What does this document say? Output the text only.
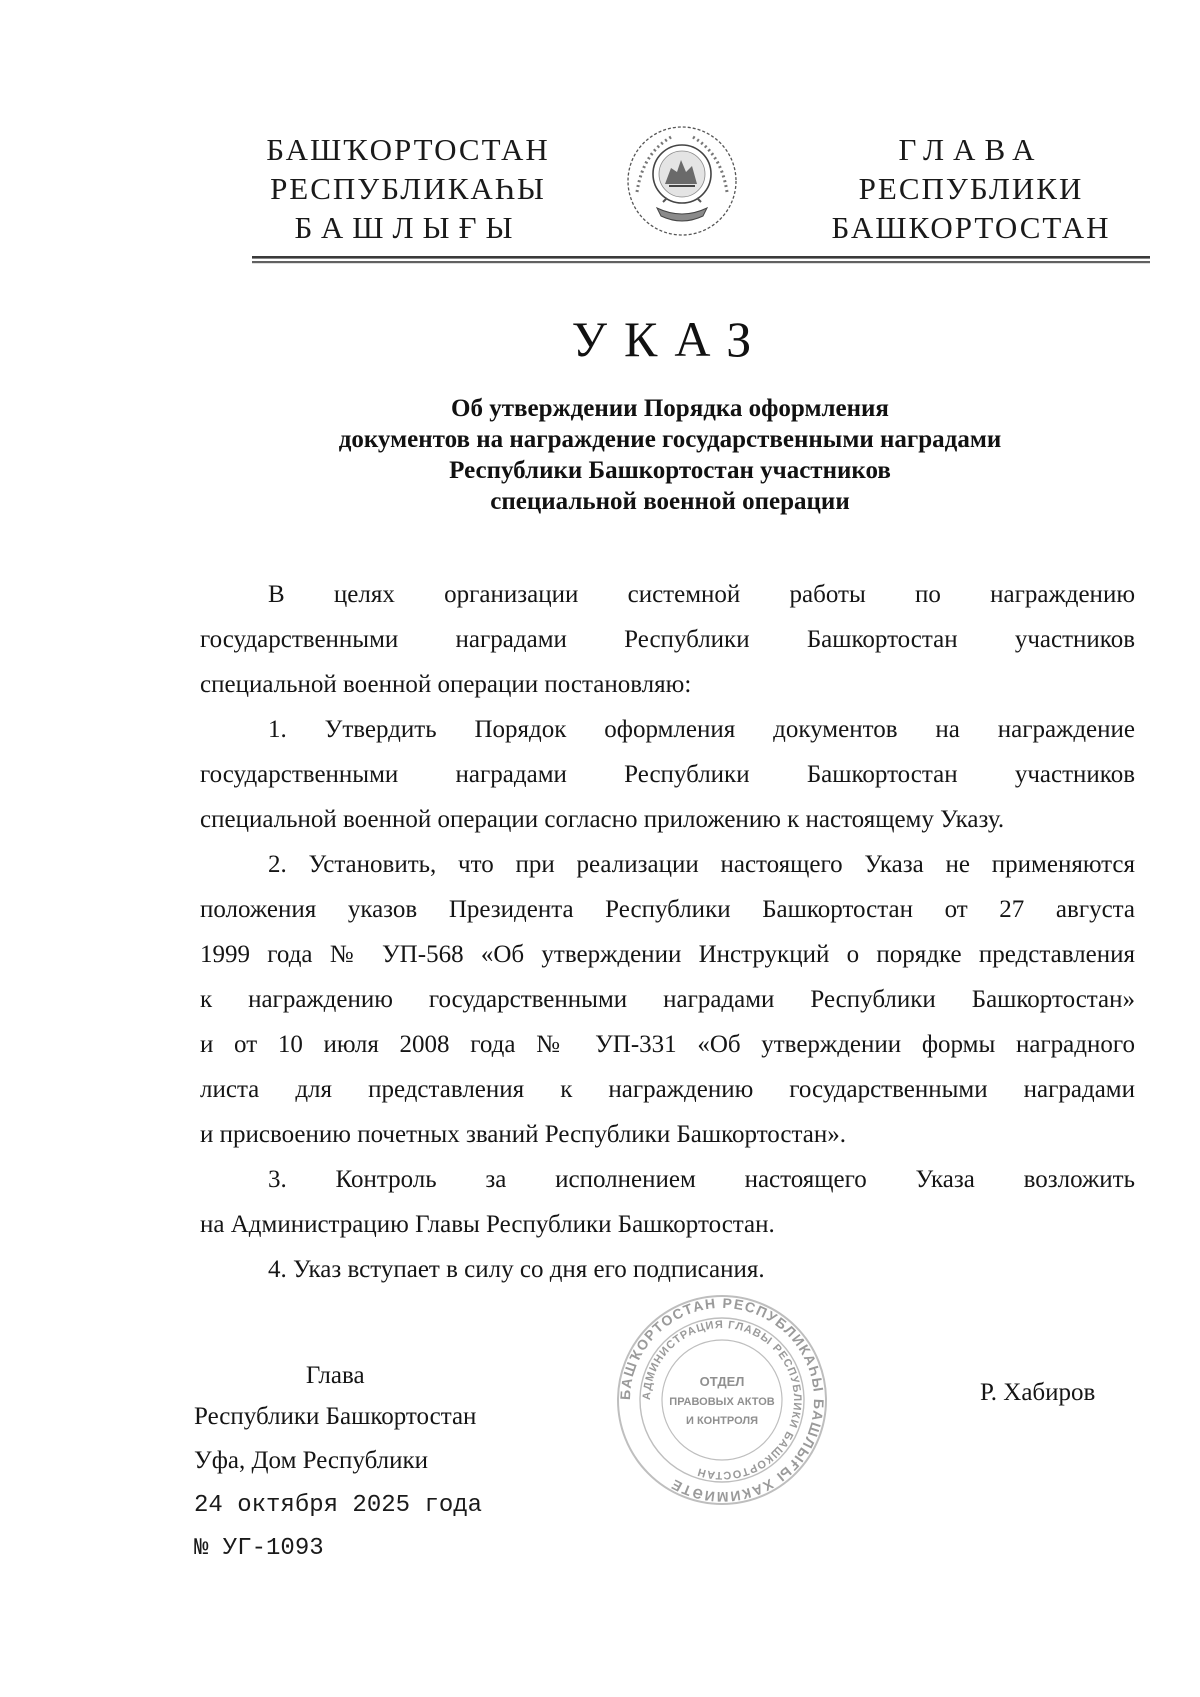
БАШҠОРТОСТАН
РЕСПУБЛИКАҺЫ
БАШЛЫҒЫ
ГЛАВА
РЕСПУБЛИКИ
БАШКОРТОСТАН
УКАЗ
Об утверждении Порядка оформления
документов на награждение государственными наградами
Республики Башкортостан участников
специальной военной операции
В целях организации системной работы по награждению
государственными наградами Республики Башкортостан участников
специальной военной операции постановляю:
1. Утвердить Порядок оформления документов на награждение
государственными наградами Республики Башкортостан участников
специальной военной операции согласно приложению к настоящему Указу.
2. Установить, что при реализации настоящего Указа не применяются
положения указов Президента Республики Башкортостан от 27 августа
1999 года № УП-568 «Об утверждении Инструкций о порядке представления
к награждению государственными наградами Республики Башкортостан»
и от 10 июля 2008 года № УП-331 «Об утверждении формы наградного
листа для представления к награждению государственными наградами
и присвоению почетных званий Республики Башкортостан».
3. Контроль за исполнением настоящего Указа возложить
на Администрацию Главы Республики Башкортостан.
4. Указ вступает в силу со дня его подписания.
Глава
Республики Башкортостан
БАШҠОРТОСТАН РЕСПУБЛИКАҺЫ БАШЛЫҒЫ ХАКИМИӘТЕ
АДМИНИСТРАЦИЯ ГЛАВЫ РЕСПУБЛИКИ БАШКОРТОСТАН
ОТДЕЛ
ПРАВОВЫХ АКТОВ
И КОНТРОЛЯ
Р. Хабиров
Уфа, Дом Республики
24 октября 2025 года
№ УГ-1093
